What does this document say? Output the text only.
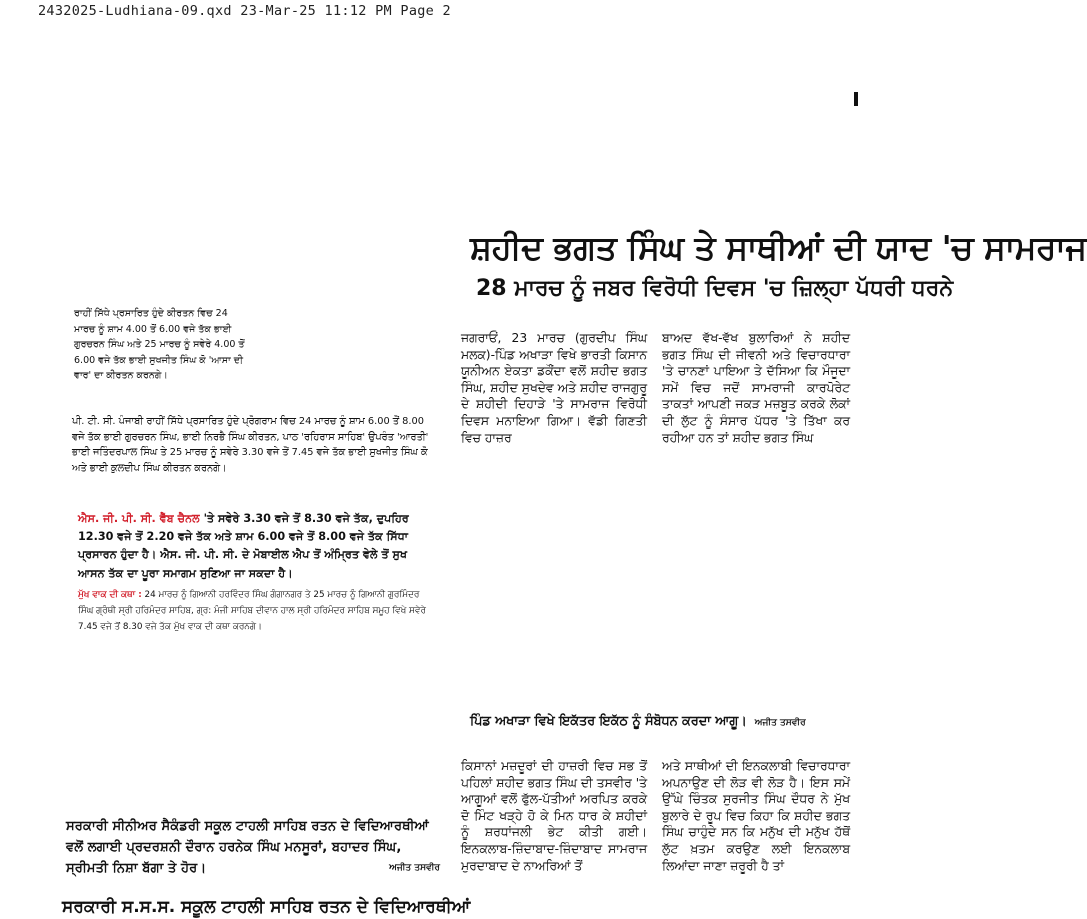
2432025-Ludhiana-09.qxd 23-Mar-25 11:12 PM Page 2
ਸ਼ਹੀਦ ਭਗਤ ਸਿੰਘ ਤੇ ਸਾਥੀਆਂ ਦੀ ਯਾਦ 'ਚ ਸਾਮਰਾਜ
28 ਮਾਰਚ ਨੂੰ ਜਬਰ ਵਿਰੋਧੀ ਦਿਵਸ 'ਚ ਜ਼ਿਲ੍ਹਾ ਪੱਧਰੀ ਧਰਨੇ
ਰਾਹੀਂ ਸਿੱਧੇ ਪ੍ਰਸਾਰਿਤ ਹੁੰਦੇ ਕੀਰਤਨ ਵਿਚ 24 ਮਾਰਚ ਨੂੰ ਸ਼ਾਮ 4.00 ਤੋਂ 6.00 ਵਜੇ ਤੱਕ ਭਾਈ ਗੁਰਚਰਨ ਸਿੰਘ ਅਤੇ 25 ਮਾਰਚ ਨੂੰ ਸਵੇਰੇ 4.00 ਤੋਂ 6.00 ਵਜੇ ਤੱਕ ਭਾਈ ਸੁਖਜੀਤ ਸਿੰਘ ਕੋ 'ਆਸਾ ਦੀ ਵਾਰ' ਦਾ ਕੀਰਤਨ ਕਰਨਗੇ।
ਪੀ. ਟੀ. ਸੀ. ਪੰਜਾਬੀ ਰਾਹੀਂ ਸਿੱਧੇ ਪ੍ਰਸਾਰਿਤ ਹੁੰਦੇ ਪ੍ਰੋਗਰਾਮ ਵਿਚ 24 ਮਾਰਚ ਨੂੰ ਸ਼ਾਮ 6.00 ਤੋਂ 8.00 ਵਜੇ ਤੱਕ ਭਾਈ ਗੁਰਚਰਨ ਸਿੰਘ, ਭਾਈ ਨਿਰਭੈ ਸਿੰਘ ਕੀਰਤਨ, ਪਾਠ 'ਰਹਿਰਾਸ ਸਾਹਿਬ' ਉਪਰੰਤ 'ਆਰਤੀ' ਭਾਈ ਜਤਿੰਦਰਪਾਲ ਸਿੰਘ ਤੇ 25 ਮਾਰਚ ਨੂੰ ਸਵੇਰੇ 3.30 ਵਜੇ ਤੋਂ 7.45 ਵਜੇ ਤੱਕ ਭਾਈ ਸੁਖਜੀਤ ਸਿੰਘ ਕੋ ਅਤੇ ਭਾਈ ਕੁਲਦੀਪ ਸਿੰਘ ਕੀਰਤਨ ਕਰਨਗੇ।
ਐਸ. ਜੀ. ਪੀ. ਸੀ. ਵੈੱਬ ਚੈਨਲ 'ਤੇ ਸਵੇਰੇ 3.30 ਵਜੇ ਤੋਂ 8.30 ਵਜੇ ਤੱਕ, ਦੁਪਹਿਰ 12.30 ਵਜੇ ਤੋਂ 2.20 ਵਜੇ ਤੱਕ ਅਤੇ ਸ਼ਾਮ 6.00 ਵਜੇ ਤੋਂ 8.00 ਵਜੇ ਤੱਕ ਸਿੱਧਾ ਪ੍ਰਸਾਰਨ ਹੁੰਦਾ ਹੈ। ਐਸ. ਜੀ. ਪੀ. ਸੀ. ਦੇ ਮੋਬਾਈਲ ਐਪ ਤੋਂ ਅੰਮ੍ਰਿਤ ਵੇਲੇ ਤੋਂ ਸੁਖ ਆਸਨ ਤੱਕ ਦਾ ਪੂਰਾ ਸਮਾਗਮ ਸੁਣਿਆ ਜਾ ਸਕਦਾ ਹੈ।
ਮੁੱਖ ਵਾਕ ਦੀ ਕਥਾ : 24 ਮਾਰਚ ਨੂੰ ਗਿਆਨੀ ਹਰਵਿੰਦਰ ਸਿੰਘ ਗੰਗਾਨਗਰ ਤੇ 25 ਮਾਰਚ ਨੂੰ ਗਿਆਨੀ ਗੁਰਮਿੰਦਰ ਸਿੰਘ ਗ੍ਰੰਥੀ ਸ੍ਰੀ ਹਰਿਮੰਦਰ ਸਾਹਿਬ, ਗ੍ਰ: ਮੰਜੀ ਸਾਹਿਬ ਦੀਵਾਨ ਹਾਲ ਸ੍ਰੀ ਹਰਿਮੰਦਰ ਸਾਹਿਬ ਸਮੂਹ ਵਿਖੇ ਸਵੇਰੇ 7.45 ਵਜੇ ਤੋਂ 8.30 ਵਜੇ ਤੱਕ ਮੁੱਖ ਵਾਕ ਦੀ ਕਥਾ ਕਰਨਗੇ।
ਜਗਰਾਓਂ, 23 ਮਾਰਚ (ਗੁਰਦੀਪ ਸਿੰਘ ਮਲਕ)-ਪਿੰਡ ਅਖਾੜਾ ਵਿਖੇ ਭਾਰਤੀ ਕਿਸਾਨ ਯੂਨੀਅਨ ਏਕਤਾ ਡਕੌਂਦਾ ਵਲੋਂ ਸ਼ਹੀਦ ਭਗਤ ਸਿੰਘ, ਸ਼ਹੀਦ ਸੁਖਦੇਵ ਅਤੇ ਸ਼ਹੀਦ ਰਾਜਗੁਰੂ ਦੇ ਸ਼ਹੀਦੀ ਦਿਹਾੜੇ 'ਤੇ ਸਾਮਰਾਜ ਵਿਰੋਧੀ ਦਿਵਸ ਮਨਾਇਆ ਗਿਆ। ਵੱਡੀ ਗਿਣਤੀ ਵਿਚ ਹਾਜ਼ਰ
ਬਾਅਦ ਵੱਖ-ਵੱਖ ਬੁਲਾਰਿਆਂ ਨੇ ਸ਼ਹੀਦ ਭਗਤ ਸਿੰਘ ਦੀ ਜੀਵਨੀ ਅਤੇ ਵਿਚਾਰਧਾਰਾ 'ਤੇ ਚਾਨਣਾਂ ਪਾਇਆ ਤੇ ਦੱਸਿਆ ਕਿ ਮੌਜੂਦਾ ਸਮੇਂ ਵਿਚ ਜਦੋਂ ਸਾਮਰਾਜੀ ਕਾਰਪੋਰੇਟ ਤਾਕਤਾਂ ਆਪਣੀ ਜਕੜ ਮਜ਼ਬੂਤ ਕਰਕੇ ਲੋਕਾਂ ਦੀ ਲੁੱਟ ਨੂੰ ਸੰਸਾਰ ਪੱਧਰ 'ਤੇ ਤਿੱਖਾ ਕਰ ਰਹੀਆ ਹਨ ਤਾਂ ਸ਼ਹੀਦ ਭਗਤ ਸਿੰਘ
ਪਿੰਡ ਅਖਾੜਾ ਵਿਖੇ ਇਕੱਤਰ ਇਕੱਠ ਨੂੰ ਸੰਬੋਧਨ ਕਰਦਾ ਆਗੂ। ਅਜੀਤ ਤਸਵੀਰ
ਕਿਸਾਨਾਂ ਮਜ਼ਦੂਰਾਂ ਦੀ ਹਾਜ਼ਰੀ ਵਿਚ ਸਭ ਤੋਂ ਪਹਿਲਾਂ ਸ਼ਹੀਦ ਭਗਤ ਸਿੰਘ ਦੀ ਤਸਵੀਰ 'ਤੇ ਆਗੂਆਂ ਵਲੋਂ ਫੁੱਲ-ਪੱਤੀਆਂ ਅਰਪਿਤ ਕਰਕੇ ਦੋ ਮਿੰਟ ਖੜ੍ਹੇ ਹੋ ਕੇ ਮਿਨ ਧਾਰ ਕੇ ਸ਼ਹੀਦਾਂ ਨੂੰ ਸ਼ਰਧਾਂਜਲੀ ਭੇਟ ਕੀਤੀ ਗਈ। ਇਨਕਲਾਬ-ਜ਼ਿੰਦਾਬਾਦ-ਜ਼ਿੰਦਾਬਾਦ ਸਾਮਰਾਜ ਮੁਰਦਾਬਾਦ ਦੇ ਨਾਅਰਿਆਂ ਤੋਂ
ਅਤੇ ਸਾਥੀਆਂ ਦੀ ਇਨਕਲਾਬੀ ਵਿਚਾਰਧਾਰਾ ਅਪਨਾਉਣ ਦੀ ਲੋੜ ਵੀ ਲੋੜ ਹੈ। ਇਸ ਸਮੇਂ ਉੱਘੇ ਚਿੰਤਕ ਸੁਰਜੀਤ ਸਿੰਘ ਦੌਧਰ ਨੇ ਮੁੱਖ ਬੁਲਾਰੇ ਦੇ ਰੂਪ ਵਿਚ ਕਿਹਾ ਕਿ ਸ਼ਹੀਦ ਭਗਤ ਸਿੰਘ ਚਾਹੁੰਦੇ ਸਨ ਕਿ ਮਨੁੱਖ ਦੀ ਮਨੁੱਖ ਹੱਥੋਂ ਲੁੱਟ ਖ਼ਤਮ ਕਰਉਣ ਲਈ ਇਨਕਲਾਬ ਲਿਆਂਦਾ ਜਾਣਾ ਜ਼ਰੂਰੀ ਹੈ ਤਾਂ
ਸਰਕਾਰੀ ਸੀਨੀਅਰ ਸੈਕੰਡਰੀ ਸਕੂਲ ਟਾਹਲੀ ਸਾਹਿਬ ਰਤਨ ਦੇ ਵਿਦਿਆਰਥੀਆਂ ਵਲੋਂ ਲਗਾਈ ਪ੍ਰਦਰਸ਼ਨੀ ਦੌਰਾਨ ਹਰਨੇਕ ਸਿੰਘ ਮਨਸੂਰਾਂ, ਬਹਾਦਰ ਸਿੰਘ, ਸ੍ਰੀਮਤੀ ਨਿਸ਼ਾ ਬੱਗਾ ਤੇ ਹੋਰ।	ਅਜੀਤ ਤਸਵੀਰ
ਸਰਕਾਰੀ ਸ.ਸ.ਸ. ਸਕੂਲ ਟਾਹਲੀ ਸਾਹਿਬ ਰਤਨ ਦੇ ਵਿਦਿਆਰਥੀਆਂ
